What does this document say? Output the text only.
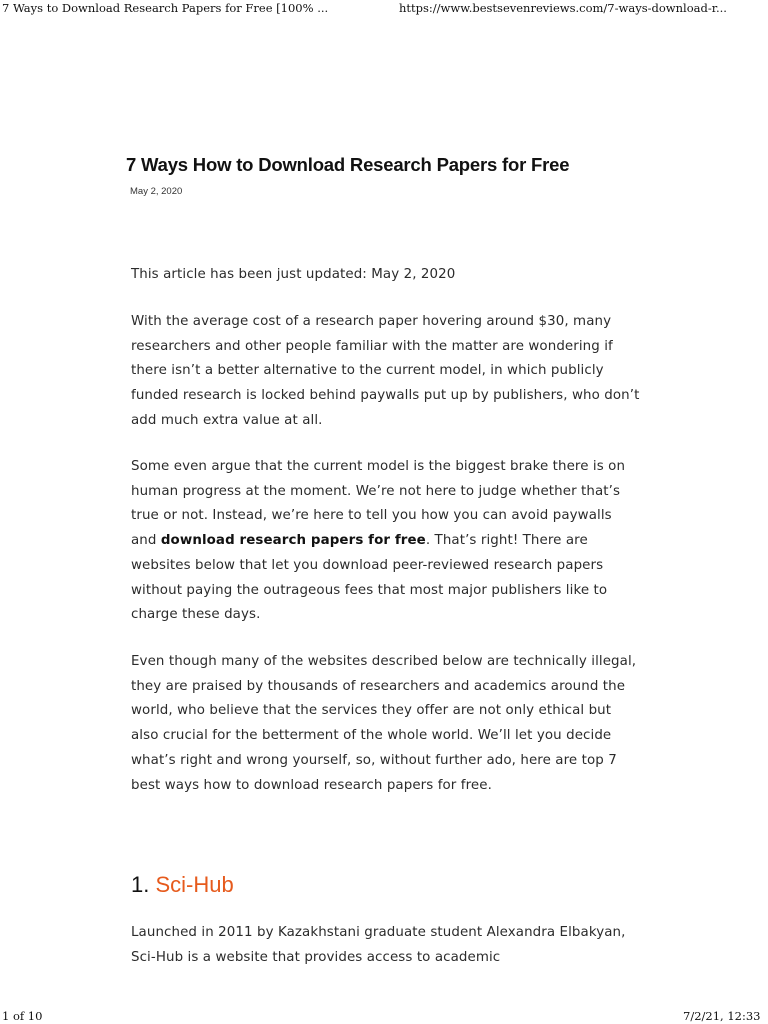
7 Ways to Download Research Papers for Free [100% ...	https://www.bestsevenreviews.com/7-ways-download-r...
7 Ways How to Download Research Papers for Free
May 2, 2020

This article has been just updated: May 2, 2020

With the average cost of a research paper hovering around $30, many researchers and other people familiar with the matter are wondering if there isn’t a better alternative to the current model, in which publicly funded research is locked behind paywalls put up by publishers, who don’t add much extra value at all.

Some even argue that the current model is the biggest brake there is on human progress at the moment. We’re not here to judge whether that’s true or not. Instead, we’re here to tell you how you can avoid paywalls and download research papers for free. That’s right! There are websites below that let you download peer-reviewed research papers without paying the outrageous fees that most major publishers like to charge these days.

Even though many of the websites described below are technically illegal, they are praised by thousands of researchers and academics around the world, who believe that the services they offer are not only ethical but also crucial for the betterment of the whole world. We’ll let you decide what’s right and wrong yourself, so, without further ado, here are top 7 best ways how to download research papers for free.

1. Sci-Hub

Launched in 2011 by Kazakhstani graduate student Alexandra Elbakyan, Sci-Hub is a website that provides access to academic

1 of 10	7/2/21, 12:33
